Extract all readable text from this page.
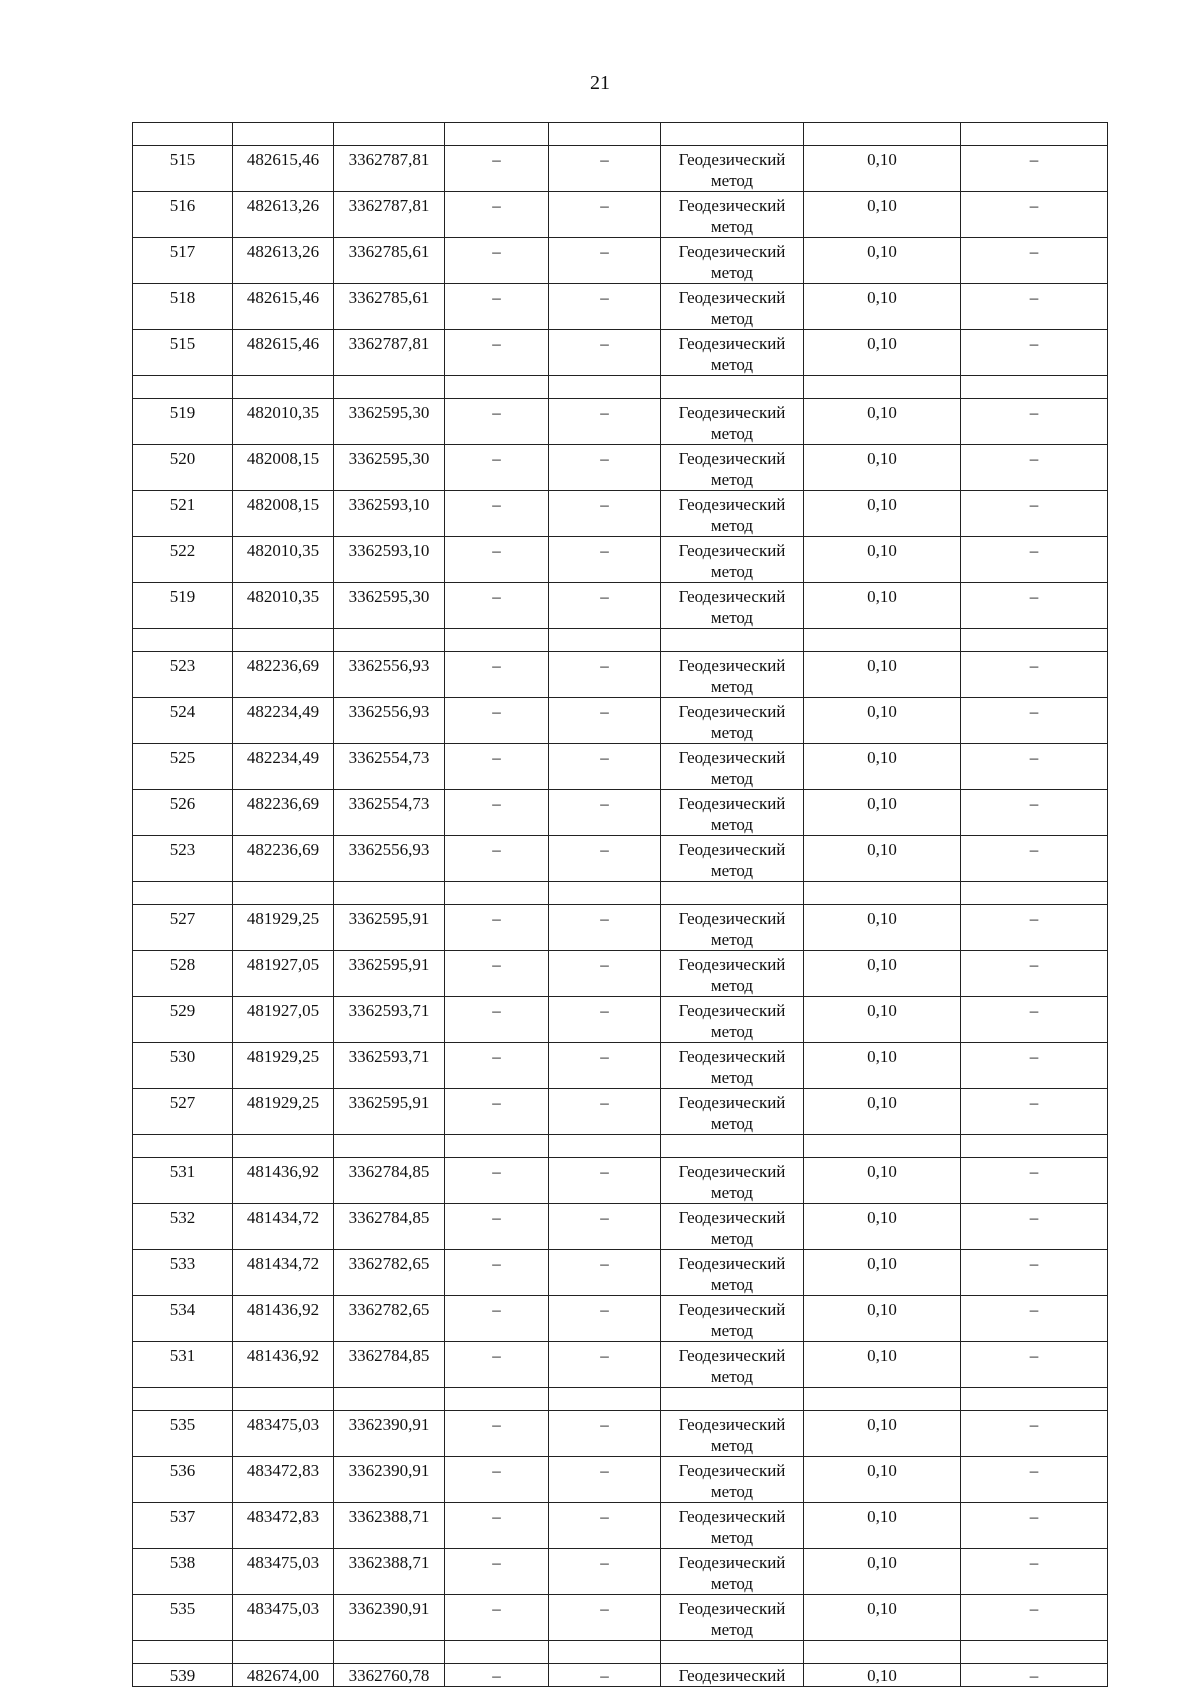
21

515	482615,46	3362787,81	–	–	Геодезический метод	0,10	–
516	482613,26	3362787,81	–	–	Геодезический метод	0,10	–
517	482613,26	3362785,61	–	–	Геодезический метод	0,10	–
518	482615,46	3362785,61	–	–	Геодезический метод	0,10	–
515	482615,46	3362787,81	–	–	Геодезический метод	0,10	–

519	482010,35	3362595,30	–	–	Геодезический метод	0,10	–
520	482008,15	3362595,30	–	–	Геодезический метод	0,10	–
521	482008,15	3362593,10	–	–	Геодезический метод	0,10	–
522	482010,35	3362593,10	–	–	Геодезический метод	0,10	–
519	482010,35	3362595,30	–	–	Геодезический метод	0,10	–

523	482236,69	3362556,93	–	–	Геодезический метод	0,10	–
524	482234,49	3362556,93	–	–	Геодезический метод	0,10	–
525	482234,49	3362554,73	–	–	Геодезический метод	0,10	–
526	482236,69	3362554,73	–	–	Геодезический метод	0,10	–
523	482236,69	3362556,93	–	–	Геодезический метод	0,10	–

527	481929,25	3362595,91	–	–	Геодезический метод	0,10	–
528	481927,05	3362595,91	–	–	Геодезический метод	0,10	–
529	481927,05	3362593,71	–	–	Геодезический метод	0,10	–
530	481929,25	3362593,71	–	–	Геодезический метод	0,10	–
527	481929,25	3362595,91	–	–	Геодезический метод	0,10	–

531	481436,92	3362784,85	–	–	Геодезический метод	0,10	–
532	481434,72	3362784,85	–	–	Геодезический метод	0,10	–
533	481434,72	3362782,65	–	–	Геодезический метод	0,10	–
534	481436,92	3362782,65	–	–	Геодезический метод	0,10	–
531	481436,92	3362784,85	–	–	Геодезический метод	0,10	–

535	483475,03	3362390,91	–	–	Геодезический метод	0,10	–
536	483472,83	3362390,91	–	–	Геодезический метод	0,10	–
537	483472,83	3362388,71	–	–	Геодезический метод	0,10	–
538	483475,03	3362388,71	–	–	Геодезический метод	0,10	–
535	483475,03	3362390,91	–	–	Геодезический метод	0,10	–

539	482674,00	3362760,78	–	–	Геодезический	0,10	–
